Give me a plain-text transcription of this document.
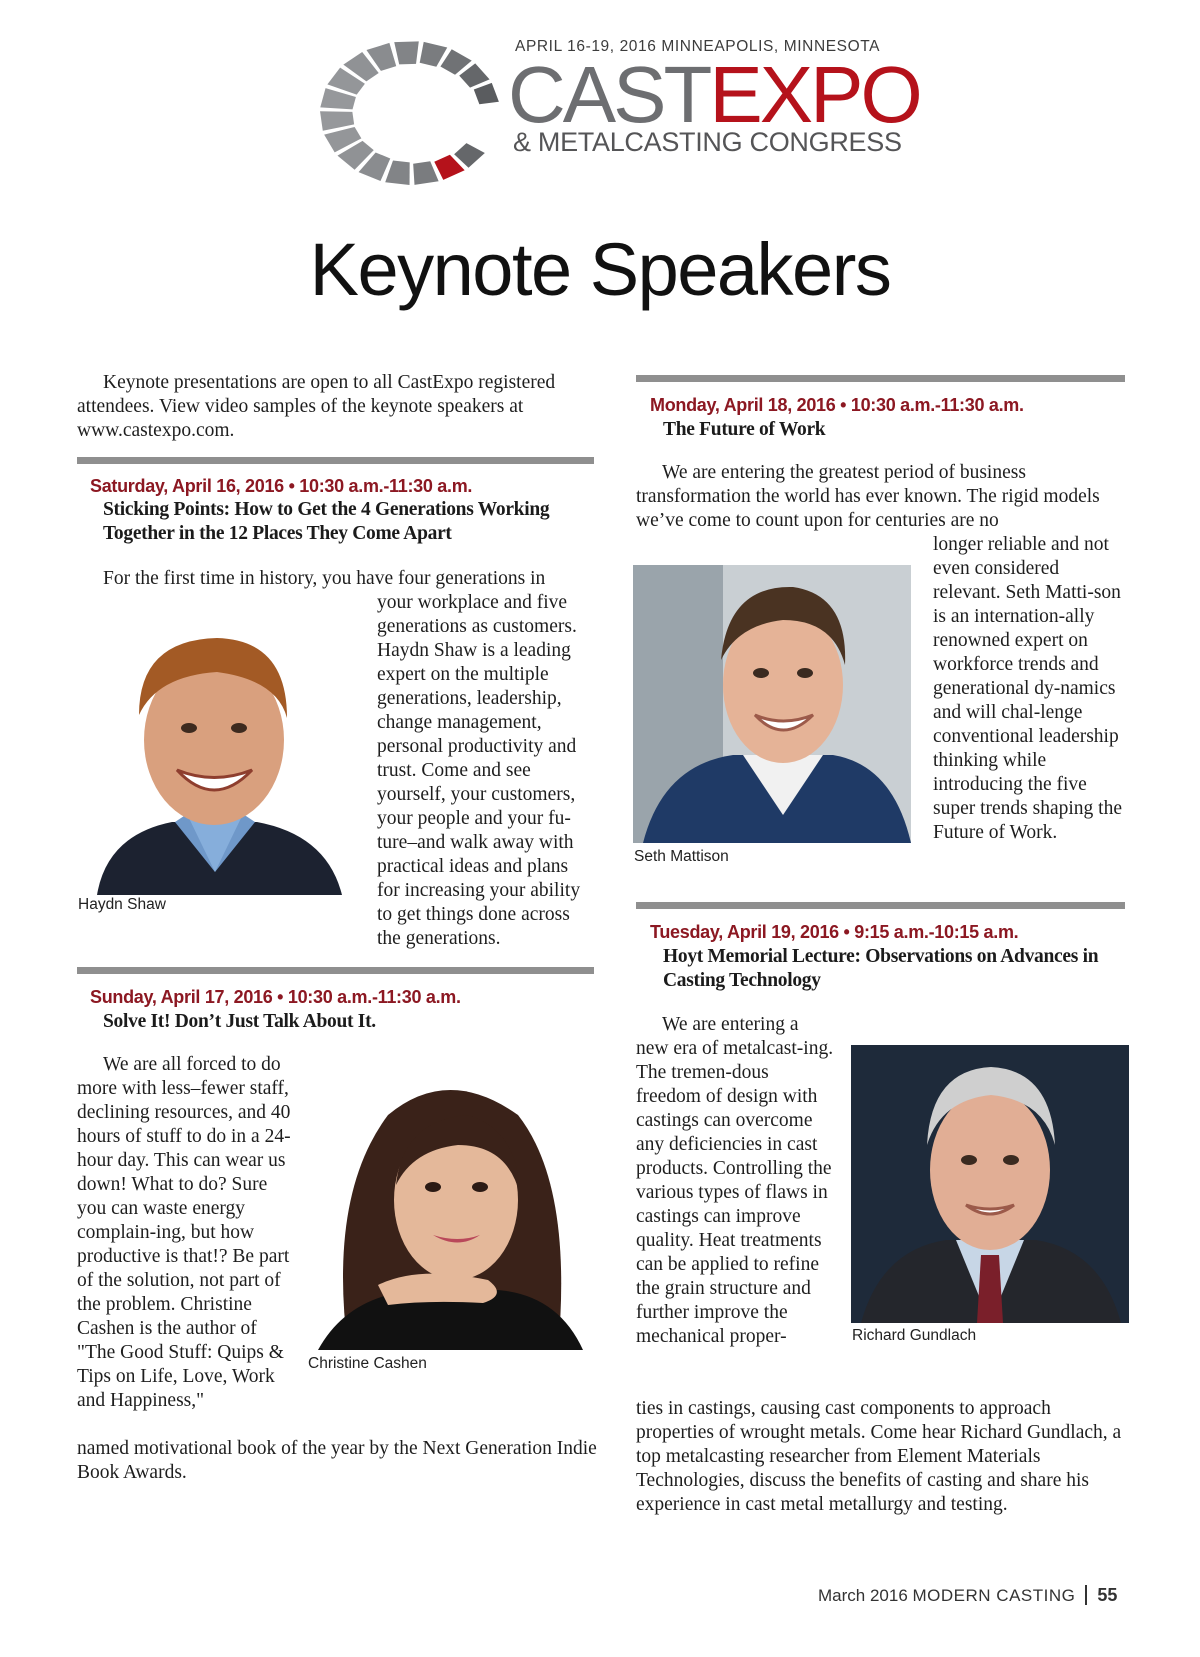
APRIL 16-19, 2016 MINNEAPOLIS, MINNESOTA
CASTEXPO
& METALCASTING CONGRESS
Keynote Speakers
Keynote presentations are open to all CastExpo registered attendees. View video samples of the keynote speakers at www.castexpo.com.
Saturday, April 16, 2016 • 10:30 a.m.-11:30 a.m.
Sticking Points: How to Get the 4 Generations Working Together in the 12 Places They Come Apart
For the first time in history, you have four generations in
your workplace and five generations as customers. Haydn Shaw is a leading expert on the multiple generations, leadership, change management, personal productivity and trust. Come and see yourself, your customers, your people and your fu-ture–and walk away with practical ideas and plans for increasing your ability to get things done across the generations.
Haydn Shaw
Sunday, April 17, 2016 • 10:30 a.m.-11:30 a.m.
Solve It! Don’t Just Talk About It.
We are all forced to do more with less–fewer staff, declining resources, and 40 hours of stuff to do in a 24-hour day. This can wear us down! What to do? Sure you can waste energy complain-ing, but how productive is that!? Be part of the solution, not part of the problem. Christine Cashen is the author of "The Good Stuff: Quips & Tips on Life, Love, Work and Happiness,"
named motivational book of the year by the Next Generation Indie Book Awards.
Christine Cashen
Monday, April 18, 2016 • 10:30 a.m.-11:30 a.m.
The Future of Work
We are entering the greatest period of business transformation the world has ever known. The rigid models we’ve come to count upon for centuries are no
longer reliable and not even considered relevant. Seth Matti-son is an internation-ally renowned expert on workforce trends and generational dy-namics and will chal-lenge conventional leadership thinking while introducing the five super trends shaping the Future of Work.
Seth Mattison
Tuesday, April 19, 2016 • 9:15 a.m.-10:15 a.m.
Hoyt Memorial Lecture: Observations on Advances in Casting Technology
We are entering a new era of metalcast-ing. The tremen-dous freedom of design with castings can overcome any deficiencies in cast products. Controlling the various types of flaws in castings can improve quality. Heat treatments can be applied to refine the grain structure and further improve the mechanical proper-
ties in castings, causing cast components to approach properties of wrought metals. Come hear Richard Gundlach, a top metalcasting researcher from Element Materials Technologies, discuss the benefits of casting and share his experience in cast metal metallurgy and testing.
Richard Gundlach
March 2016 MODERN CASTING 55
